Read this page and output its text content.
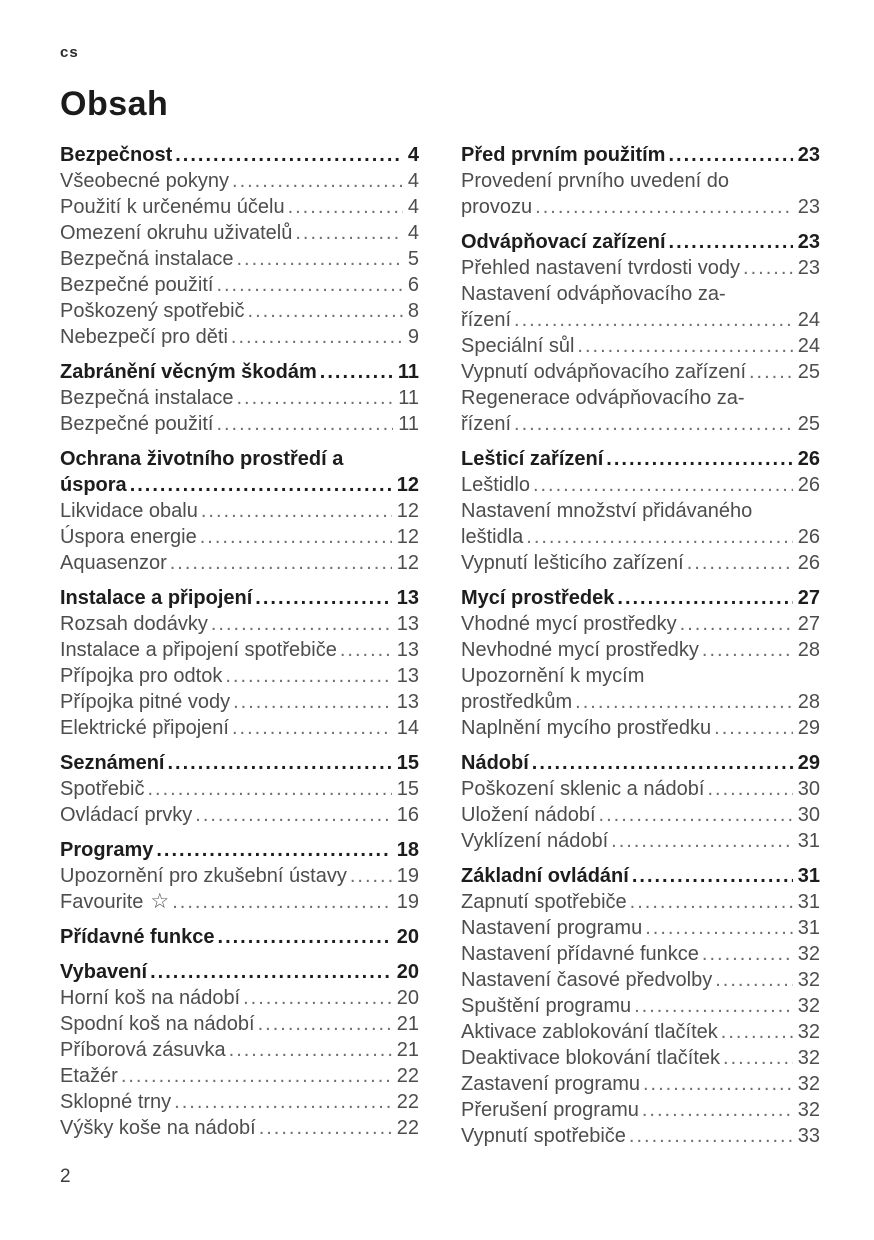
cs
Obsah
Bezpečnost .....	4
Všeobecné pokyny .....	4
Použití k určenému účelu .....	4
Omezení okruhu uživatelů .....	4
Bezpečná instalace .....	5
Bezpečné použití .....	6
Poškozený spotřebič .....	8
Nebezpečí pro děti .....	9
Zabránění věcným škodám .....	11
Bezpečná instalace .....	11
Bezpečné použití .....	11
Ochrana životního prostředí a
úspora .....	12
Likvidace obalu .....	12
Úspora energie .....	12
Aquasenzor .....	12
Instalace a připojení .....	13
Rozsah dodávky .....	13
Instalace a připojení spotřebiče .....	13
Přípojka pro odtok .....	13
Přípojka pitné vody .....	13
Elektrické připojení .....	14
Seznámení .....	15
Spotřebič .....	15
Ovládací prvky .....	16
Programy .....	18
Upozornění pro zkušební ústavy ..... 19
Favourite ☆ .....	19
Přídavné funkce .....	20
Vybavení .....	20
Horní koš na nádobí .....	20
Spodní koš na nádobí .....	21
Příborová zásuvka .....	21
Etažér .....	22
Sklopné trny .....	22
Výšky koše na nádobí .....	22
Před prvním použitím .....	23
Provedení prvního uvedení do
provozu .....	23
Odvápňovací zařízení .....	23
Přehled nastavení tvrdosti vody .....	23
Nastavení odvápňovacího za-
řízení .....	24
Speciální sůl .....	24
Vypnutí odvápňovacího zařízení .....	25
Regenerace odvápňovacího za-
řízení .....	25
Lešticí zařízení .....	26
Leštidlo .....	26
Nastavení množství přidávaného
leštidla .....	26
Vypnutí lešticího zařízení .....	26
Mycí prostředek .....	27
Vhodné mycí prostředky .....	27
Nevhodné mycí prostředky .....	28
Upozornění k mycím
prostředkům .....	28
Naplnění mycího prostředku .....	29
Nádobí .....	29
Poškození sklenic a nádobí .....	30
Uložení nádobí .....	30
Vyklízení nádobí .....	31
Základní ovládání .....	31
Zapnutí spotřebiče .....	31
Nastavení programu .....	31
Nastavení přídavné funkce .....	32
Nastavení časové předvolby .....	32
Spuštění programu .....	32
Aktivace zablokování tlačítek .....	32
Deaktivace blokování tlačítek .....	32
Zastavení programu .....	32
Přerušení programu .....	32
Vypnutí spotřebiče .....	33
2
